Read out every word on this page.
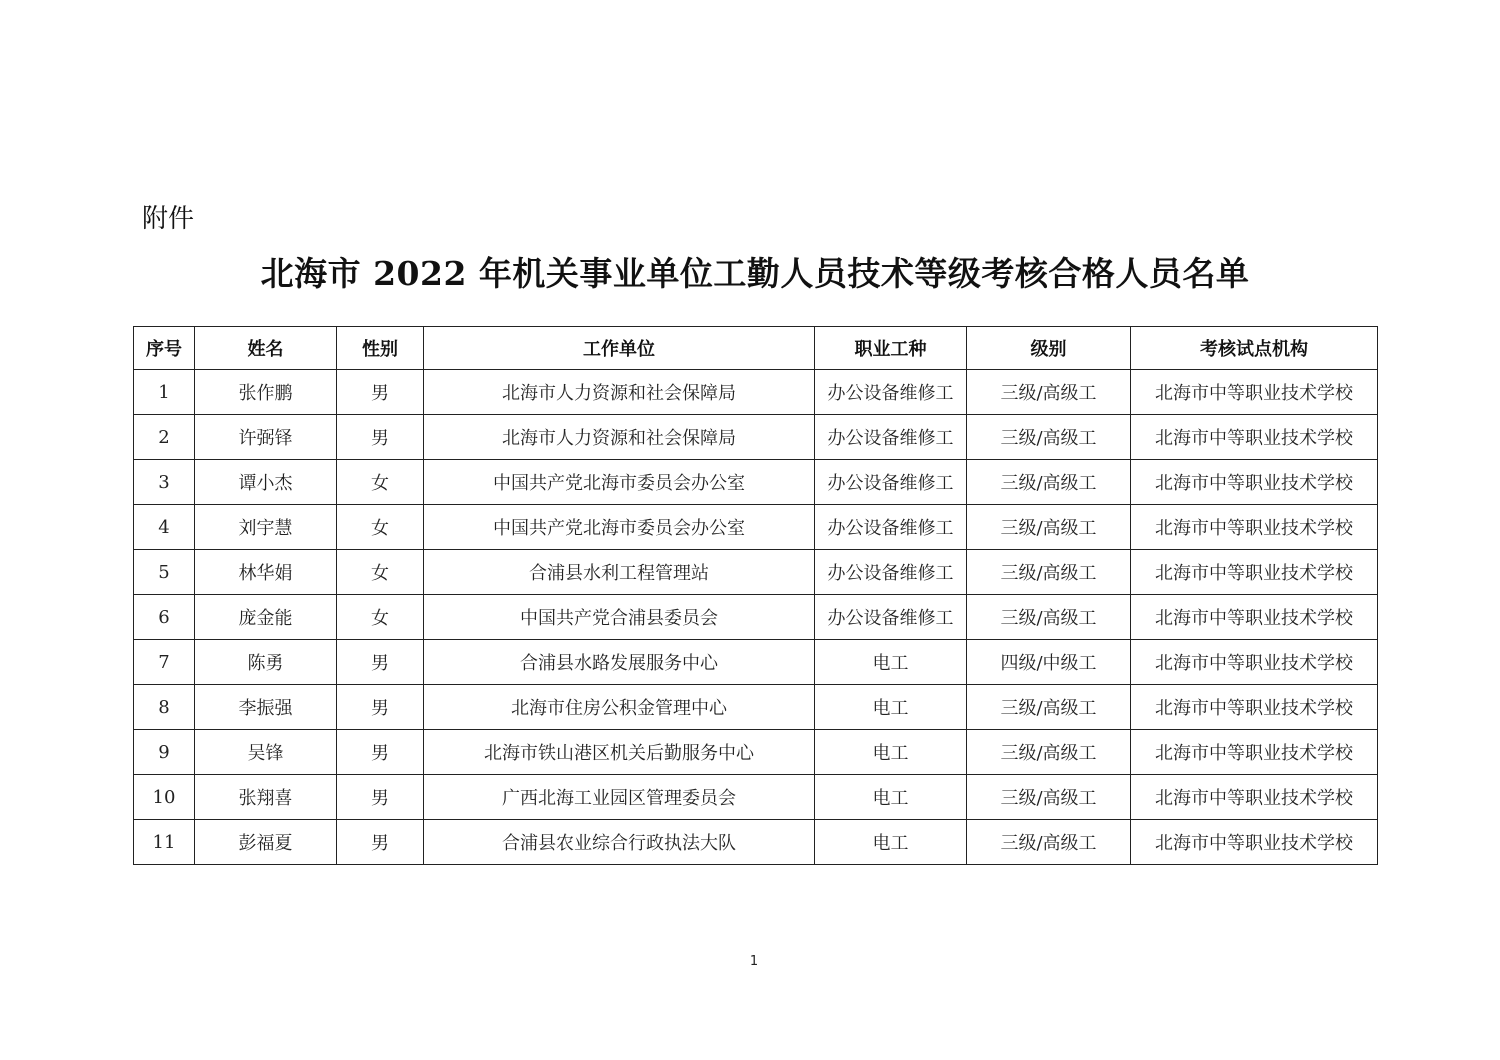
附件
北海市 2022 年机关事业单位工勤人员技术等级考核合格人员名单
序号	姓名	性别	工作单位	职业工种	级别	考核试点机构
1	张作鹏	男	北海市人力资源和社会保障局	办公设备维修工	三级/高级工	北海市中等职业技术学校
2	许弼铎	男	北海市人力资源和社会保障局	办公设备维修工	三级/高级工	北海市中等职业技术学校
3	谭小杰	女	中国共产党北海市委员会办公室	办公设备维修工	三级/高级工	北海市中等职业技术学校
4	刘宇慧	女	中国共产党北海市委员会办公室	办公设备维修工	三级/高级工	北海市中等职业技术学校
5	林华娟	女	合浦县水利工程管理站	办公设备维修工	三级/高级工	北海市中等职业技术学校
6	庞金能	女	中国共产党合浦县委员会	办公设备维修工	三级/高级工	北海市中等职业技术学校
7	陈勇	男	合浦县水路发展服务中心	电工	四级/中级工	北海市中等职业技术学校
8	李振强	男	北海市住房公积金管理中心	电工	三级/高级工	北海市中等职业技术学校
9	吴锋	男	北海市铁山港区机关后勤服务中心	电工	三级/高级工	北海市中等职业技术学校
10	张翔喜	男	广西北海工业园区管理委员会	电工	三级/高级工	北海市中等职业技术学校
11	彭福夏	男	合浦县农业综合行政执法大队	电工	三级/高级工	北海市中等职业技术学校
1
